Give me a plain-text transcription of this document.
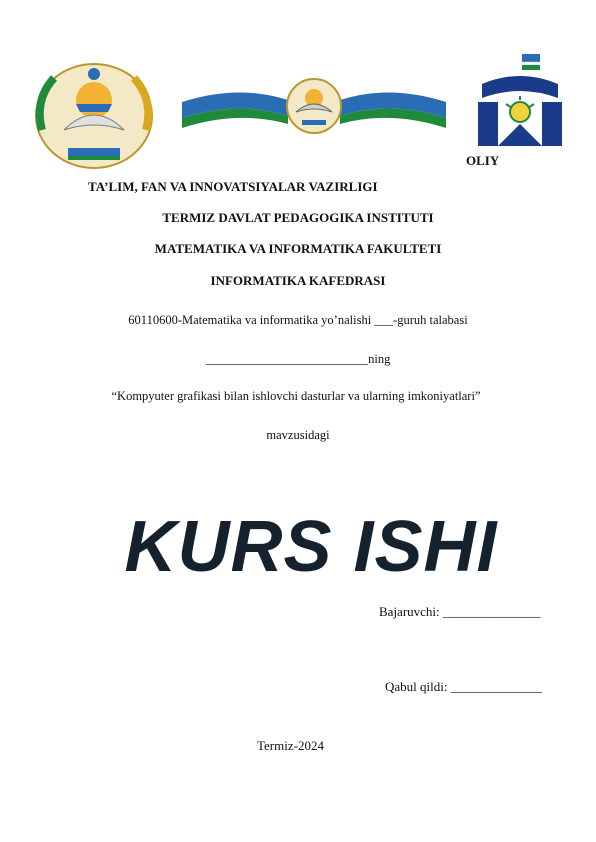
OLIY
TA’LIM, FAN VA INNOVATSIYALAR VAZIRLIGI
TERMIZ DAVLAT PEDAGOGIKA INSTITUTI
MATEMATIKA VA INFORMATIKA FAKULTETI
INFORMATIKA KAFEDRASI
60110600-Matematika va informatika yo’nalishi ___-guruh talabasi
__________________________ning
“Kompyuter grafikasi bilan ishlovchi dasturlar va ularning imkoniyatlari”
mavzusidagi
KURS ISHI
Bajaruvchi: _______________
Qabul qildi: ______________
Termiz-2024
